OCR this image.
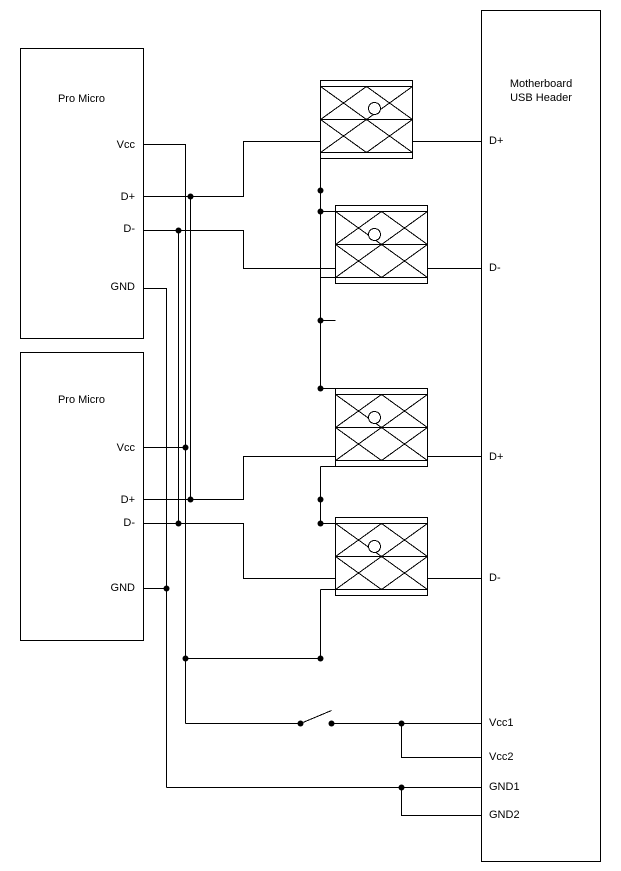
Pro Micro
Pro Micro
Motherboard
USB Header
Vcc
D+
D-
GND
Vcc
D+
D-
GND
D+
D-
D+
D-
Vcc1
Vcc2
GND1
GND2
